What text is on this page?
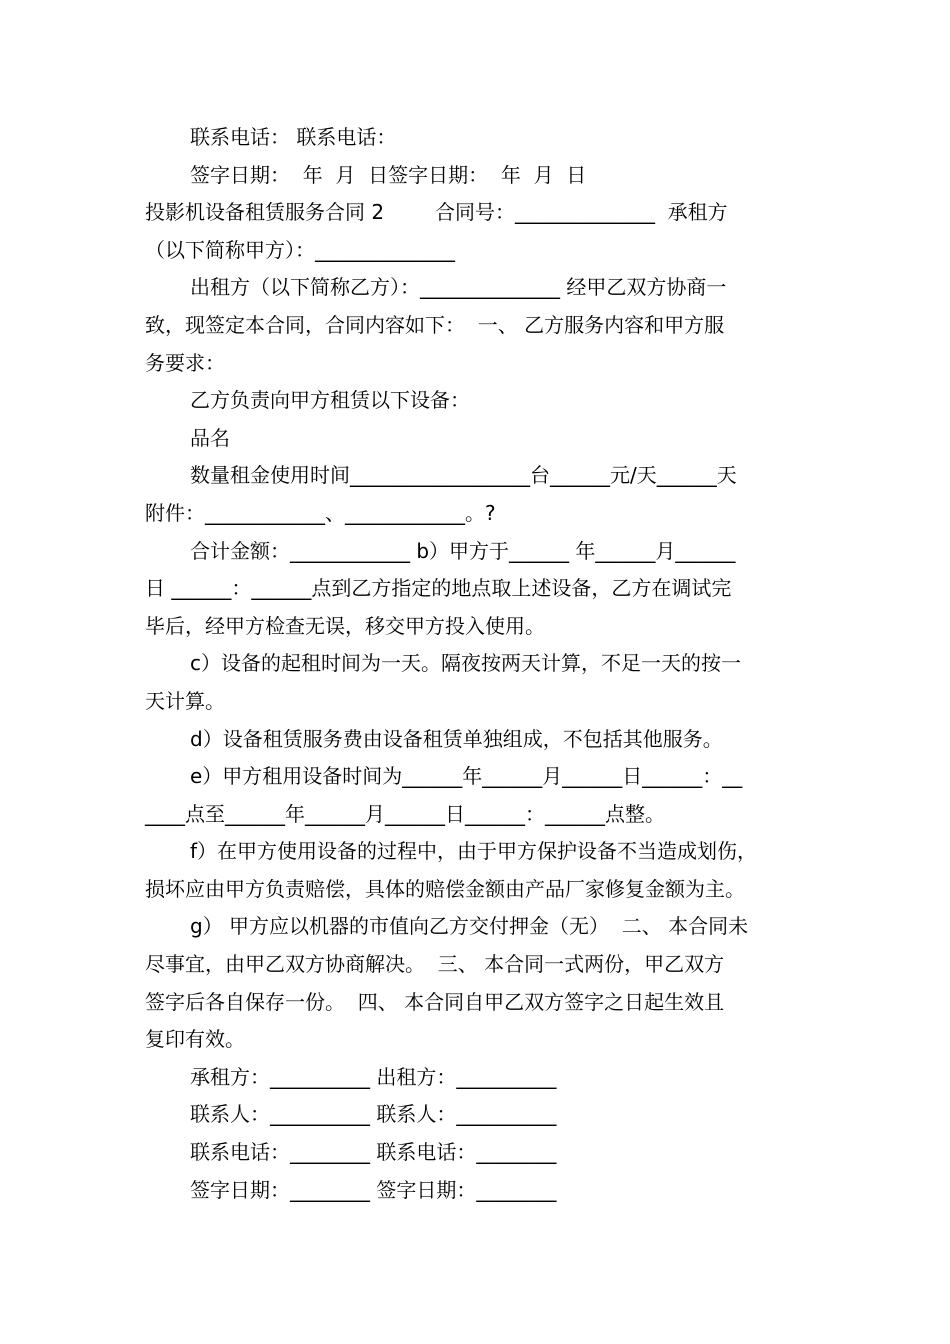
联系电话： 联系电话：
签字日期：  年  月  日签字日期：  年  月  日
投影机设备租赁服务合同 2        合同号：______________  承租方
（以下简称甲方）：______________
出租方（以下简称乙方）：______________ 经甲乙双方协商一
致，现签定本合同，合同内容如下：  一、 乙方服务内容和甲方服
务要求：
乙方负责向甲方租赁以下设备：
品名
数量租金使用时间__________________台______元/天______天
附件：____________、____________。?
合计金额：____________ b）甲方于______ 年______月______
日 ______：______点到乙方指定的地点取上述设备，乙方在调试完
毕后，经甲方检查无误，移交甲方投入使用。
c）设备的起租时间为一天。隔夜按两天计算，不足一天的按一
天计算。
d）设备租赁服务费由设备租赁单独组成，不包括其他服务。
e）甲方租用设备时间为______年______月______日______：__
____点至______年______月______日______：______点整。
f）在甲方使用设备的过程中，由于甲方保护设备不当造成划伤，
损坏应由甲方负责赔偿，具体的赔偿金额由产品厂家修复金额为主。
g） 甲方应以机器的市值向乙方交付押金（无）  二、 本合同未
尽事宜，由甲乙双方协商解决。  三、 本合同一式两份，甲乙双方
签字后各自保存一份。  四、 本合同自甲乙双方签字之日起生效且
复印有效。
承租方：__________ 出租方：__________
联系人：__________ 联系人：__________
联系电话：________ 联系电话：________
签字日期：________ 签字日期：________
